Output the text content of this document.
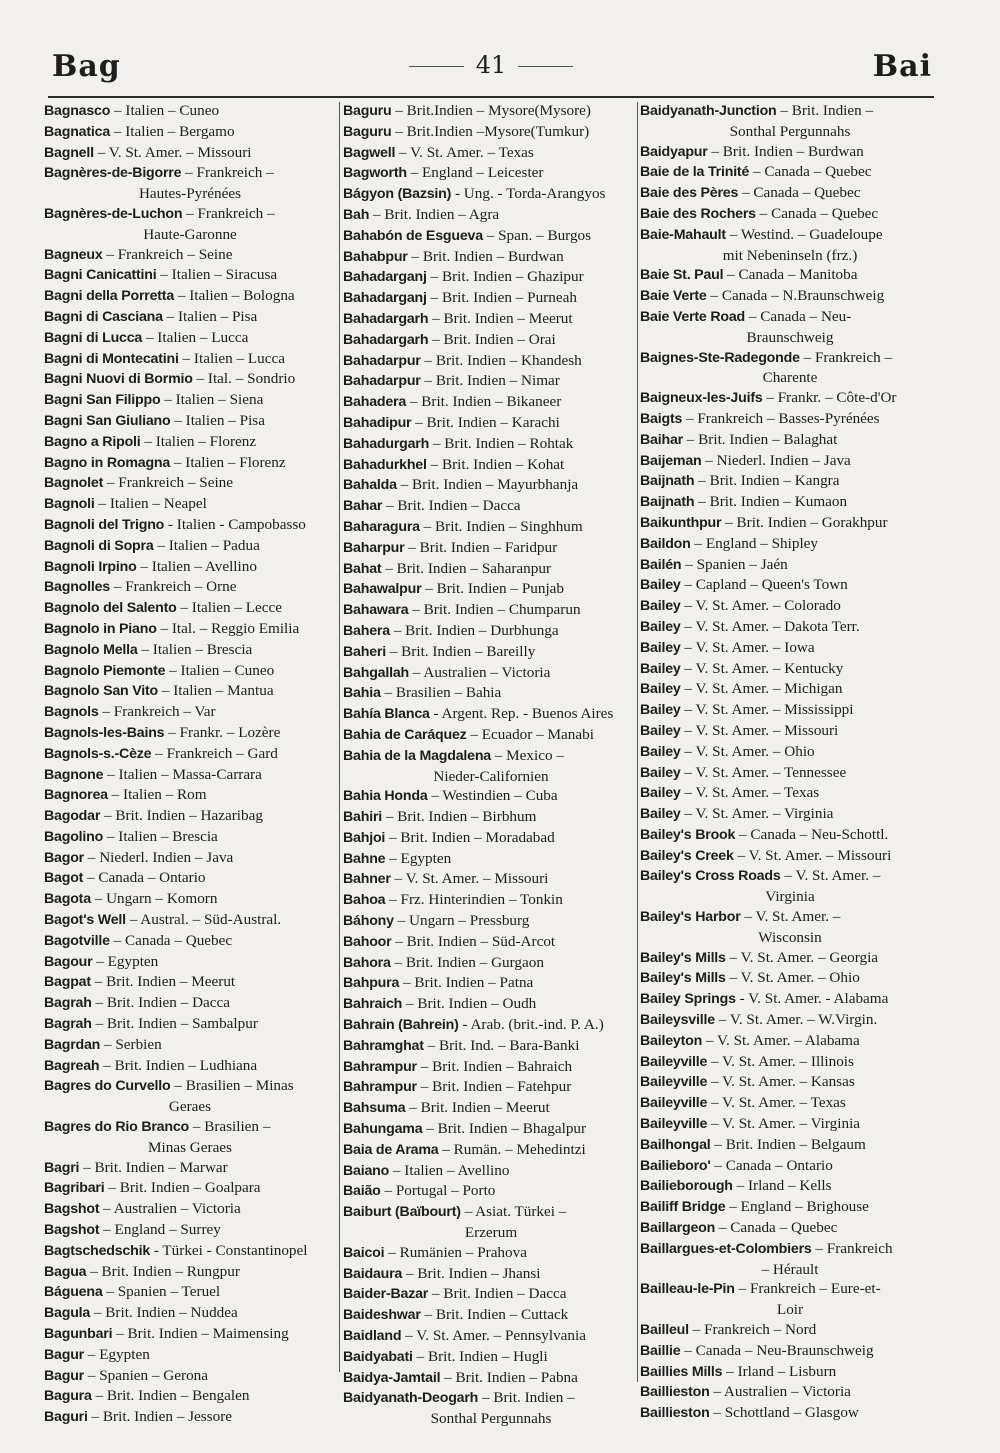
Bag	41	Bai
Bagnasco – Italien – Cuneo
Bagnatica – Italien – Bergamo
Bagnell – V. St. Amer. – Missouri
Bagnères-de-Bigorre – Frankreich –
Hautes-Pyrénées
Bagnères-de-Luchon – Frankreich –
Haute-Garonne
Bagneux – Frankreich – Seine
Bagni Canicattini – Italien – Siracusa
Bagni della Porretta – Italien – Bologna
Bagni di Casciana – Italien – Pisa
Bagni di Lucca – Italien – Lucca
Bagni di Montecatini – Italien – Lucca
Bagni Nuovi di Bormio – Ital. – Sondrio
Bagni San Filippo – Italien – Siena
Bagni San Giuliano – Italien – Pisa
Bagno a Ripoli – Italien – Florenz
Bagno in Romagna – Italien – Florenz
Bagnolet – Frankreich – Seine
Bagnoli – Italien – Neapel
Bagnoli del Trigno - Italien - Campobasso
Bagnoli di Sopra – Italien – Padua
Bagnoli Irpino – Italien – Avellino
Bagnolles – Frankreich – Orne
Bagnolo del Salento – Italien – Lecce
Bagnolo in Piano – Ital. – Reggio Emilia
Bagnolo Mella – Italien – Brescia
Bagnolo Piemonte – Italien – Cuneo
Bagnolo San Vito – Italien – Mantua
Bagnols – Frankreich – Var
Bagnols-les-Bains – Frankr. – Lozère
Bagnols-s.-Cèze – Frankreich – Gard
Bagnone – Italien – Massa-Carrara
Bagnorea – Italien – Rom
Bagodar – Brit. Indien – Hazaribag
Bagolino – Italien – Brescia
Bagor – Niederl. Indien – Java
Bagot – Canada – Ontario
Bagota – Ungarn – Komorn
Bagot's Well – Austral. – Süd-Austral.
Bagotville – Canada – Quebec
Bagour – Egypten
Bagpat – Brit. Indien – Meerut
Bagrah – Brit. Indien – Dacca
Bagrah – Brit. Indien – Sambalpur
Bagrdan – Serbien
Bagreah – Brit. Indien – Ludhiana
Bagres do Curvello – Brasilien – Minas
Geraes
Bagres do Rio Branco – Brasilien –
Minas Geraes
Bagri – Brit. Indien – Marwar
Bagribari – Brit. Indien – Goalpara
Bagshot – Australien – Victoria
Bagshot – England – Surrey
Bagtschedschik - Türkei - Constantinopel
Bagua – Brit. Indien – Rungpur
Báguena – Spanien – Teruel
Bagula – Brit. Indien – Nuddea
Bagunbari – Brit. Indien – Maimensing
Bagur – Egypten
Bagur – Spanien – Gerona
Bagura – Brit. Indien – Bengalen
Baguri – Brit. Indien – Jessore
Baguru – Brit.Indien – Mysore(Mysore)
Baguru – Brit.Indien –Mysore(Tumkur)
Bagwell – V. St. Amer. – Texas
Bagworth – England – Leicester
Bágyon (Bazsin) - Ung. - Torda-Arangyos
Bah – Brit. Indien – Agra
Bahabón de Esgueva – Span. – Burgos
Bahabpur – Brit. Indien – Burdwan
Bahadarganj – Brit. Indien – Ghazipur
Bahadarganj – Brit. Indien – Purneah
Bahadargarh – Brit. Indien – Meerut
Bahadargarh – Brit. Indien – Orai
Bahadarpur – Brit. Indien – Khandesh
Bahadarpur – Brit. Indien – Nimar
Bahadera – Brit. Indien – Bikaneer
Bahadipur – Brit. Indien – Karachi
Bahadurgarh – Brit. Indien – Rohtak
Bahadurkhel – Brit. Indien – Kohat
Bahalda – Brit. Indien – Mayurbhanja
Bahar – Brit. Indien – Dacca
Baharagura – Brit. Indien – Singhhum
Baharpur – Brit. Indien – Faridpur
Bahat – Brit. Indien – Saharanpur
Bahawalpur – Brit. Indien – Punjab
Bahawara – Brit. Indien – Chumparun
Bahera – Brit. Indien – Durbhunga
Baheri – Brit. Indien – Bareilly
Bahgallah – Australien – Victoria
Bahia – Brasilien – Bahia
Bahía Blanca - Argent. Rep. - Buenos Aires
Bahia de Caráquez – Ecuador – Manabi
Bahia de la Magdalena – Mexico –
Nieder-Californien
Bahia Honda – Westindien – Cuba
Bahiri – Brit. Indien – Birbhum
Bahjoi – Brit. Indien – Moradabad
Bahne – Egypten
Bahner – V. St. Amer. – Missouri
Bahoa – Frz. Hinterindien – Tonkin
Báhony – Ungarn – Pressburg
Bahoor – Brit. Indien – Süd-Arcot
Bahora – Brit. Indien – Gurgaon
Bahpura – Brit. Indien – Patna
Bahraich – Brit. Indien – Oudh
Bahrain (Bahrein) - Arab. (brit.-ind. P. A.)
Bahramghat – Brit. Ind. – Bara-Banki
Bahrampur – Brit. Indien – Bahraich
Bahrampur – Brit. Indien – Fatehpur
Bahsuma – Brit. Indien – Meerut
Bahungama – Brit. Indien – Bhagalpur
Baia de Arama – Rumän. – Mehedintzi
Baiano – Italien – Avellino
Baião – Portugal – Porto
Baiburt (Baïbourt) – Asiat. Türkei –
Erzerum
Baicoi – Rumänien – Prahova
Baidaura – Brit. Indien – Jhansi
Baider-Bazar – Brit. Indien – Dacca
Baideshwar – Brit. Indien – Cuttack
Baidland – V. St. Amer. – Pennsylvania
Baidyabati – Brit. Indien – Hugli
Baidya-Jamtail – Brit. Indien – Pabna
Baidyanath-Deogarh – Brit. Indien –
Sonthal Pergunnahs
Baidyanath-Junction – Brit. Indien –
Sonthal Pergunnahs
Baidyapur – Brit. Indien – Burdwan
Baie de la Trinité – Canada – Quebec
Baie des Pères – Canada – Quebec
Baie des Rochers – Canada – Quebec
Baie-Mahault – Westind. – Guadeloupe
mit Nebeninseln (frz.)
Baie St. Paul – Canada – Manitoba
Baie Verte – Canada – N.Braunschweig
Baie Verte Road – Canada – Neu-
Braunschweig
Baignes-Ste-Radegonde – Frankreich –
Charente
Baigneux-les-Juifs – Frankr. – Côte-d'Or
Baigts – Frankreich – Basses-Pyrénées
Baihar – Brit. Indien – Balaghat
Baijeman – Niederl. Indien – Java
Baijnath – Brit. Indien – Kangra
Baijnath – Brit. Indien – Kumaon
Baikunthpur – Brit. Indien – Gorakhpur
Baildon – England – Shipley
Bailén – Spanien – Jaén
Bailey – Capland – Queen's Town
Bailey – V. St. Amer. – Colorado
Bailey – V. St. Amer. – Dakota Terr.
Bailey – V. St. Amer. – Iowa
Bailey – V. St. Amer. – Kentucky
Bailey – V. St. Amer. – Michigan
Bailey – V. St. Amer. – Mississippi
Bailey – V. St. Amer. – Missouri
Bailey – V. St. Amer. – Ohio
Bailey – V. St. Amer. – Tennessee
Bailey – V. St. Amer. – Texas
Bailey – V. St. Amer. – Virginia
Bailey's Brook – Canada – Neu-Schottl.
Bailey's Creek – V. St. Amer. – Missouri
Bailey's Cross Roads – V. St. Amer. –
Virginia
Bailey's Harbor – V. St. Amer. –
Wisconsin
Bailey's Mills – V. St. Amer. – Georgia
Bailey's Mills – V. St. Amer. – Ohio
Bailey Springs - V. St. Amer. - Alabama
Baileysville – V. St. Amer. – W.Virgin.
Baileyton – V. St. Amer. – Alabama
Baileyville – V. St. Amer. – Illinois
Baileyville – V. St. Amer. – Kansas
Baileyville – V. St. Amer. – Texas
Baileyville – V. St. Amer. – Virginia
Bailhongal – Brit. Indien – Belgaum
Bailieboro' – Canada – Ontario
Bailieborough – Irland – Kells
Bailiff Bridge – England – Brighouse
Baillargeon – Canada – Quebec
Baillargues-et-Colombiers – Frankreich
– Hérault
Bailleau-le-Pin – Frankreich – Eure-et-
Loir
Bailleul – Frankreich – Nord
Baillie – Canada – Neu-Braunschweig
Baillies Mills – Irland – Lisburn
Baillieston – Australien – Victoria
Baillieston – Schottland – Glasgow
